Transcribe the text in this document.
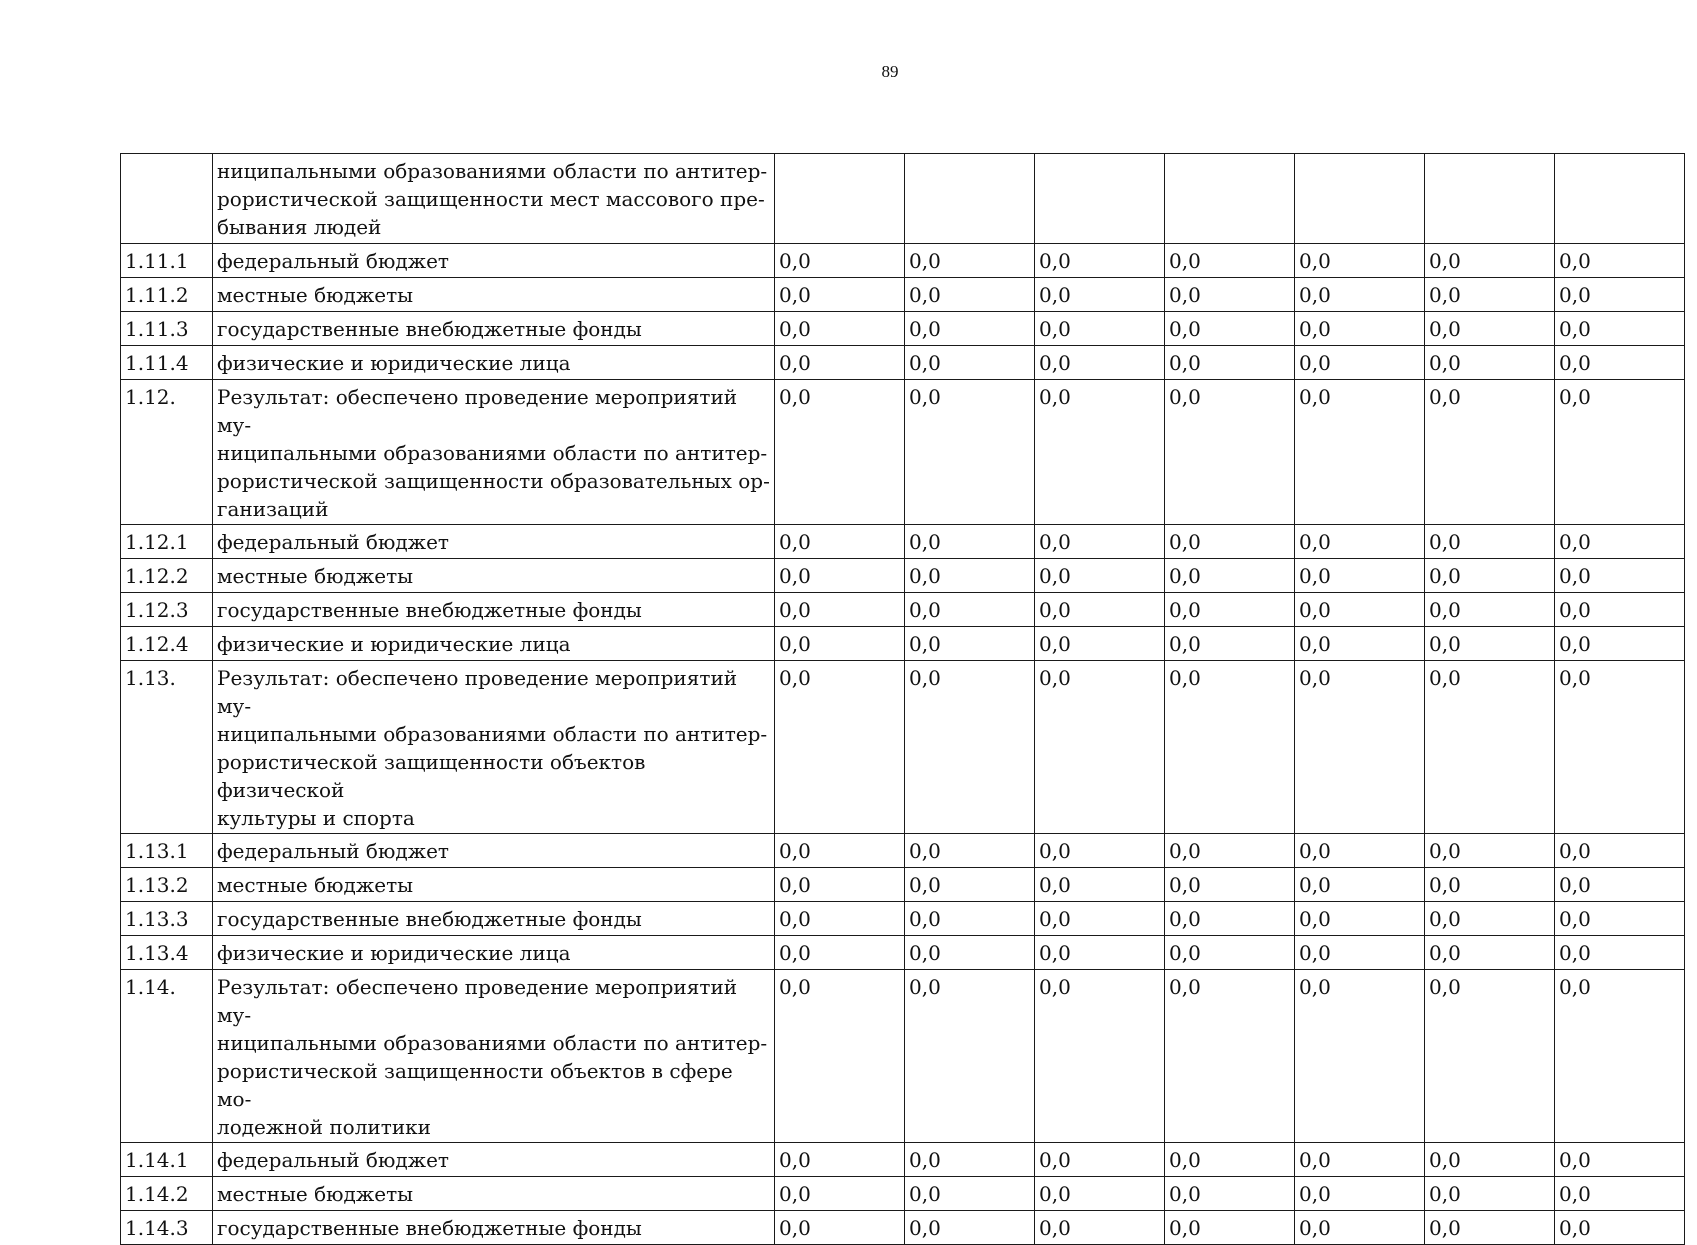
89
	ниципальными образованиями области по антитер-
рористической защищенности мест массового пре-
бывания людей							
1.11.1	федеральный бюджет	0,0	0,0	0,0	0,0	0,0	0,0	0,0
1.11.2	местные бюджеты	0,0	0,0	0,0	0,0	0,0	0,0	0,0
1.11.3	государственные внебюджетные фонды	0,0	0,0	0,0	0,0	0,0	0,0	0,0
1.11.4	физические и юридические лица	0,0	0,0	0,0	0,0	0,0	0,0	0,0
1.12.	Результат: обеспечено проведение мероприятий му-
ниципальными образованиями области по антитер-
рористической защищенности образовательных ор-
ганизаций	0,0	0,0	0,0	0,0	0,0	0,0	0,0
1.12.1	федеральный бюджет	0,0	0,0	0,0	0,0	0,0	0,0	0,0
1.12.2	местные бюджеты	0,0	0,0	0,0	0,0	0,0	0,0	0,0
1.12.3	государственные внебюджетные фонды	0,0	0,0	0,0	0,0	0,0	0,0	0,0
1.12.4	физические и юридические лица	0,0	0,0	0,0	0,0	0,0	0,0	0,0
1.13.	Результат: обеспечено проведение мероприятий му-
ниципальными образованиями области по антитер-
рористической защищенности объектов физической
культуры и спорта	0,0	0,0	0,0	0,0	0,0	0,0	0,0
1.13.1	федеральный бюджет	0,0	0,0	0,0	0,0	0,0	0,0	0,0
1.13.2	местные бюджеты	0,0	0,0	0,0	0,0	0,0	0,0	0,0
1.13.3	государственные внебюджетные фонды	0,0	0,0	0,0	0,0	0,0	0,0	0,0
1.13.4	физические и юридические лица	0,0	0,0	0,0	0,0	0,0	0,0	0,0
1.14.	Результат: обеспечено проведение мероприятий му-
ниципальными образованиями области по антитер-
рористической защищенности объектов в сфере мо-
лодежной политики	0,0	0,0	0,0	0,0	0,0	0,0	0,0
1.14.1	федеральный бюджет	0,0	0,0	0,0	0,0	0,0	0,0	0,0
1.14.2	местные бюджеты	0,0	0,0	0,0	0,0	0,0	0,0	0,0
1.14.3	государственные внебюджетные фонды	0,0	0,0	0,0	0,0	0,0	0,0	0,0
